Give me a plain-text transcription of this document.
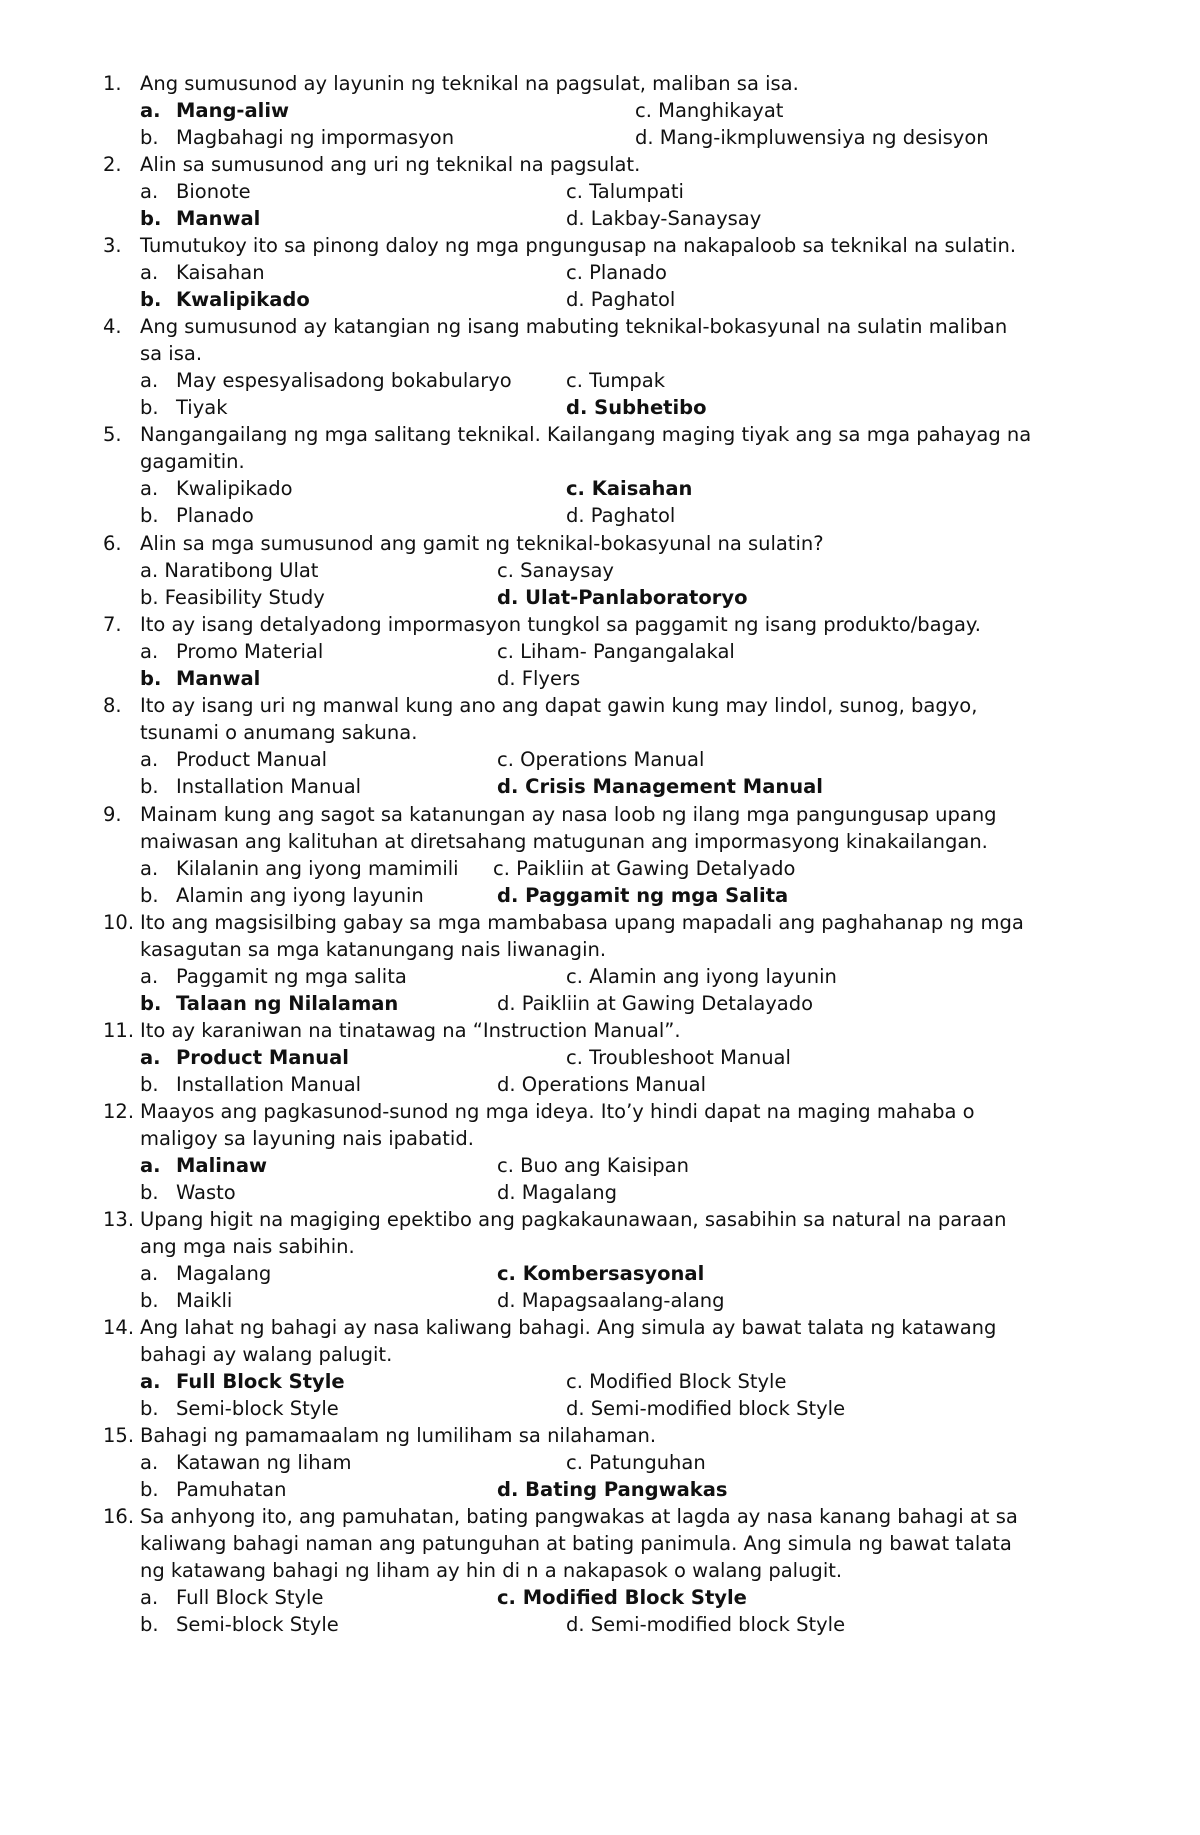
1. Ang sumusunod ay layunin ng teknikal na pagsulat, maliban sa isa.
a. Mang-aliw	c. Manghikayat
b. Magbahagi ng impormasyon	d. Mang-ikmpluwensiya ng desisyon
2. Alin sa sumusunod ang uri ng teknikal na pagsulat.
a. Bionote	c. Talumpati
b. Manwal	d. Lakbay-Sanaysay
3. Tumutukoy ito sa pinong daloy ng mga pngungusap na nakapaloob sa teknikal na sulatin.
a. Kaisahan	c. Planado
b. Kwalipikado	d. Paghatol
4. Ang sumusunod ay katangian ng isang mabuting teknikal-bokasyunal na sulatin maliban
sa isa.
a. May espesyalisadong bokabularyo	c. Tumpak
b. Tiyak	d. Subhetibo
5. Nangangailang ng mga salitang teknikal. Kailangang maging tiyak ang sa mga pahayag na
gagamitin.
a. Kwalipikado	c. Kaisahan
b. Planado	d. Paghatol
6. Alin sa mga sumusunod ang gamit ng teknikal-bokasyunal na sulatin?
a. Naratibong Ulat	c. Sanaysay
b. Feasibility Study	d. Ulat-Panlaboratoryo
7. Ito ay isang detalyadong impormasyon tungkol sa paggamit ng isang produkto/bagay.
a. Promo Material	c. Liham- Pangangalakal
b. Manwal	d. Flyers
8. Ito ay isang uri ng manwal kung ano ang dapat gawin kung may lindol, sunog, bagyo,
tsunami o anumang sakuna.
a. Product Manual	c. Operations Manual
b. Installation Manual	d. Crisis Management Manual
9. Mainam kung ang sagot sa katanungan ay nasa loob ng ilang mga pangungusap upang
maiwasan ang kalituhan at diretsahang matugunan ang impormasyong kinakailangan.
a. Kilalanin ang iyong mamimili c. Paikliin at Gawing Detalyado
b. Alamin ang iyong layunin	d. Paggamit ng mga Salita
10. Ito ang magsisilbing gabay sa mga mambabasa upang mapadali ang paghahanap ng mga
kasagutan sa mga katanungang nais liwanagin.
a. Paggamit ng mga salita	c. Alamin ang iyong layunin
b. Talaan ng Nilalaman	d. Paikliin at Gawing Detalayado
11. Ito ay karaniwan na tinatawag na “Instruction Manual”.
a. Product Manual	c. Troubleshoot Manual
b. Installation Manual	d. Operations Manual
12. Maayos ang pagkasunod-sunod ng mga ideya. Ito’y hindi dapat na maging mahaba o
maligoy sa layuning nais ipabatid.
a. Malinaw	c. Buo ang Kaisipan
b. Wasto	d. Magalang
13. Upang higit na magiging epektibo ang pagkakaunawaan, sasabihin sa natural na paraan
ang mga nais sabihin.
a. Magalang	c. Kombersasyonal
b. Maikli	d. Mapagsaalang-alang
14. Ang lahat ng bahagi ay nasa kaliwang bahagi. Ang simula ay bawat talata ng katawang
bahagi ay walang palugit.
a. Full Block Style	c. Modified Block Style
b. Semi-block Style	d. Semi-modified block Style
15. Bahagi ng pamamaalam ng lumiliham sa nilahaman.
a. Katawan ng liham	c. Patunguhan
b. Pamuhatan	d. Bating Pangwakas
16. Sa anhyong ito, ang pamuhatan, bating pangwakas at lagda ay nasa kanang bahagi at sa
kaliwang bahagi naman ang patunguhan at bating panimula. Ang simula ng bawat talata
ng katawang bahagi ng liham ay hin di n a nakapasok o walang palugit.
a. Full Block Style	c. Modified Block Style
b. Semi-block Style	d. Semi-modified block Style
